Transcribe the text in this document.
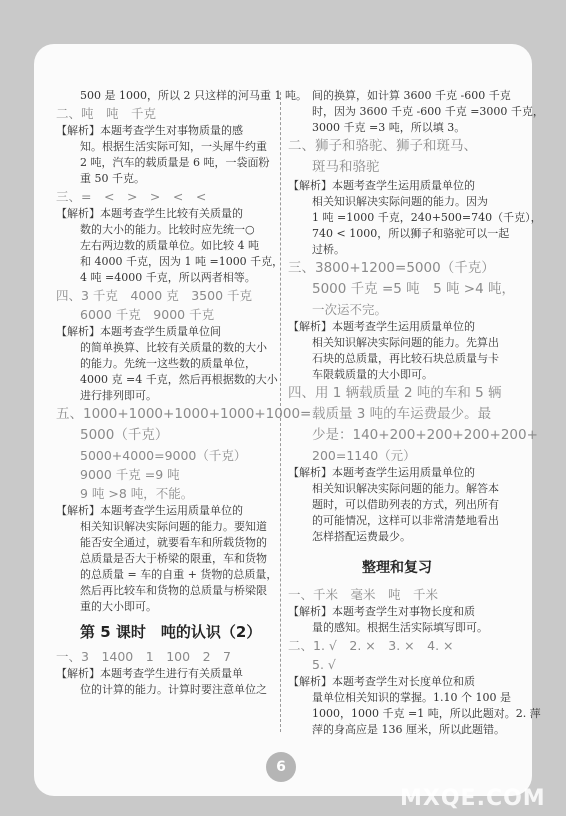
500 是 1000，所以 2 只这样的河马重 1 吨。
二、吨　吨　千克
【解析】本题考查学生对事物质量的感
知。根据生活实际可知，一头犀牛约重
2 吨，汽车的载质量是 6 吨，一袋面粉
重 50 千克。
三、=　<　>　>　<　<
【解析】本题考查学生比较有关质量的
数的大小的能力。比较时应先统一○
左右两边数的质量单位。如比较 4 吨
和 4000 千克，因为 1 吨 =1000 千克，
4 吨 =4000 千克，所以两者相等。
四、3 千克　4000 克　3500 千克
6000 千克　9000 千克
【解析】本题考查学生质量单位间
的简单换算、比较有关质量的数的大小
的能力。先统一这些数的质量单位，
4000 克 =4 千克，然后再根据数的大小
进行排列即可。
五、1000+1000+1000+1000+1000=
5000（千克）
5000+4000=9000（千克）
9000 千克 =9 吨
9 吨 >8 吨，不能。
【解析】本题考查学生运用质量单位的
相关知识解决实际问题的能力。要知道
能否安全通过，就要看车和所载货物的
总质量是否大于桥梁的限重，车和货物
的总质量 = 车的自重 + 货物的总质量，
然后再比较车和货物的总质量与桥梁限
重的大小即可。
第 5 课时　吨的认识（2）
一、3　1400　1　100　2　7
【解析】本题考查学生进行有关质量单
位的计算的能力。计算时要注意单位之
间的换算，如计算 3600 千克 -600 千克
时，因为 3600 千克 -600 千克 =3000 千克，
3000 千克 =3 吨，所以填 3。
二、狮子和骆驼、狮子和斑马、
斑马和骆驼
【解析】本题考查学生运用质量单位的
相关知识解决实际问题的能力。因为
1 吨 =1000 千克，240+500=740（千克），
740 < 1000，所以狮子和骆驼可以一起
过桥。
三、3800+1200=5000（千克）
5000 千克 =5 吨　5 吨 >4 吨，
一次运不完。
【解析】本题考查学生运用质量单位的
相关知识解决实际问题的能力。先算出
石块的总质量，再比较石块总质量与卡
车限载质量的大小即可。
四、用 1 辆载质量 2 吨的车和 5 辆
载质量 3 吨的车运费最少。最
少是：140+200+200+200+200+
200=1140（元）
【解析】本题考查学生运用质量单位的
相关知识解决实际问题的能力。解答本
题时，可以借助列表的方式，列出所有
的可能情况，这样可以非常清楚地看出
怎样搭配运费最少。
整理和复习
一、千米　毫米　吨　千米
【解析】本题考查学生对事物长度和质
量的感知。根据生活实际填写即可。
二、1. √　2. ×　3. ×　4. ×
5. √
【解析】本题考查学生对长度单位和质
量单位相关知识的掌握。1.10 个 100 是
1000，1000 千克 =1 吨，所以此题对。2. 萍
萍的身高应是 136 厘米，所以此题错。
6
MXQE.COM
